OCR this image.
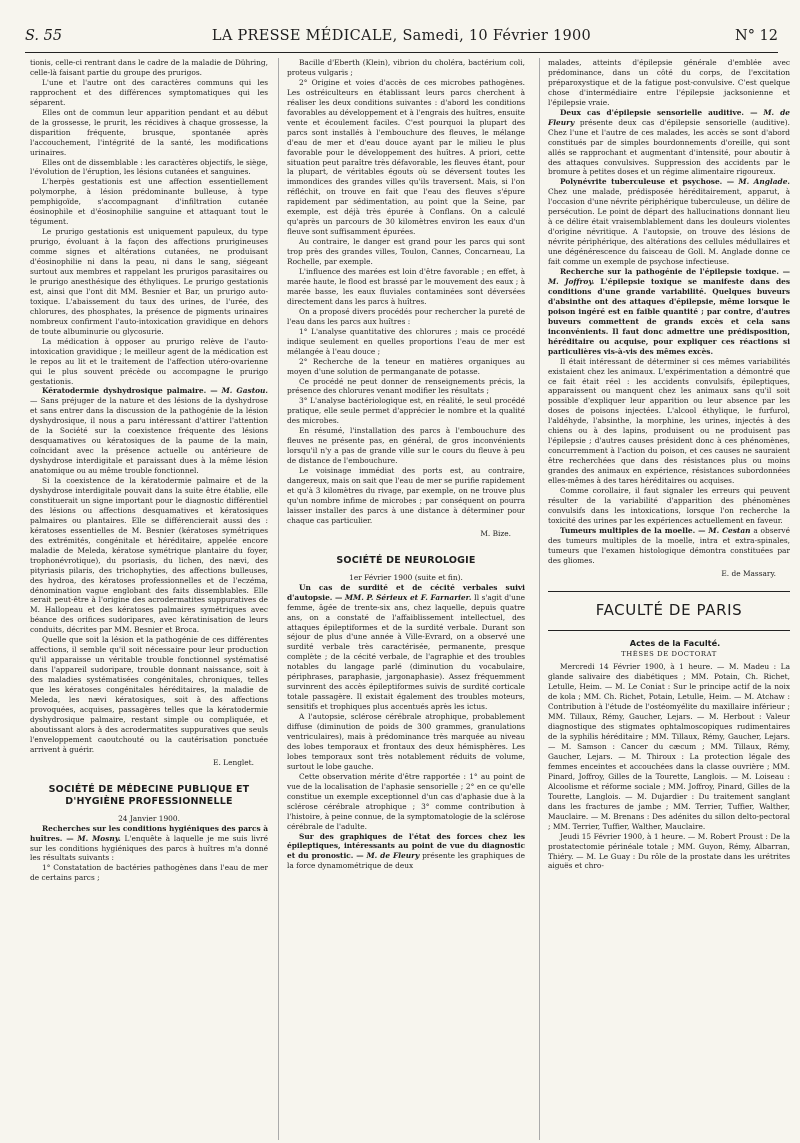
S. 55	LA PRESSE MÉDICALE, Samedi, 10 Février 1900	N° 12

tionis, celle-ci rentrant dans le cadre de la maladie de Dühring, celle-là faisant partie du groupe des prurigos.

L'une et l'autre ont des caractères communs qui les rapprochent et des différences symptomatiques qui les séparent.

Elles ont de commun leur apparition pendant et au début de la grossesse, le prurit, les récidives à chaque grossesse, la disparition fréquente, brusque, spontanée après l'accouchement, l'intégrité de la santé, les modifications urinaires.

Elles ont de dissemblable : les caractères objectifs, le siège, l'évolution de l'éruption, les lésions cutanées et sanguines.

L'herpès gestationis est une affection essentiellement polymorphe, à lésion prédominante bulleuse, à type pemphigoïde, s'accompagnant d'infiltration cutanée éosinophile et d'éosinophilie sanguine et attaquant tout le tégument.

Le prurigo gestationis est uniquement papuleux, du type prurigo, évoluant à la façon des affections prurigineuses comme signes et altérations cutanées, ne produisant d'éosinophilie ni dans la peau, ni dans le sang, siégeant surtout aux membres et rappelant les prurigos parasitaires ou le prurigo anesthésique des éthyliques. Le prurigo gestationis est, ainsi que l'ont dit MM. Besnier et Bar, un prurigo auto-toxique. L'abaissement du taux des urines, de l'urée, des chlorures, des phosphates, la présence de pigments urinaires nombreux confirment l'auto-intoxication gravidique en dehors de toute albuminurie ou glycosurie.

La médication à opposer au prurigo relève de l'auto-intoxication gravidique ; le meilleur agent de la médication est le repos au lit et le traitement de l'affection utéro-ovarienne qui le plus souvent précède ou accompagne le prurigo gestationis.

Kératodermie dyshydrosique palmaire. — M. Gastou. — Sans préjuger de la nature et des lésions de la dyshydrose et sans entrer dans la discussion de la pathogénie de la lésion dyshydrosique, il nous a paru intéressant d'attirer l'attention de la Société sur la coexistence fréquente des lésions desquamatives ou kératosiques de la paume de la main, coïncidant avec la présence actuelle ou antérieure de dyshydrose interdigitale et paraissant dues à la même lésion anatomique ou au même trouble fonctionnel.

Si la coexistence de la kératodermie palmaire et de la dyshydrose interdigitale pouvait dans la suite être établie, elle constituerait un signe important pour le diagnostic différentiel des lésions ou affections desquamatives et kératosiques palmaires ou plantaires. Elle se différencierait aussi des : kératoses essentielles de M. Besnier (kératoses symétriques des extrémités, congénitale et héréditaire, appelée encore maladie de Meleda, kératose symétrique plantaire du foyer, trophonévrotique), du psoriasis, du lichen, des nævi, des pityriasis pilaris, des trichophyties, des affections bulleuses, des hydroa, des kératoses professionnelles et de l'eczéma, dénomination vague englobant des faits dissemblables. Elle serait peut-être à l'origine des acrodermatites suppuratives de M. Hallopeau et des kératoses palmaires symétriques avec béance des orifices sudoripares, avec kératinisation de leurs conduits, décrites par MM. Besnier et Broca.

Quelle que soit la lésion et la pathogénie de ces différentes affections, il semble qu'il soit nécessaire pour leur production qu'il apparaisse un véritable trouble fonctionnel systématisé dans l'appareil sudoripare, trouble donnant naissance, soit à des maladies systématisées congénitales, chroniques, telles que les kératoses congénitales héréditaires, la maladie de Meleda, les nævi kératosiques, soit à des affections provoquées, acquises, passagères telles que la kératodermie dyshydrosique palmaire, restant simple ou compliquée, et aboutissant alors à des acrodermatites suppuratives que seuls l'enveloppement caoutchouté ou la cautérisation ponctuée arrivent à guérir.

E. Lenglet.

SOCIÉTÉ DE MÉDECINE PUBLIQUE ET D'HYGIÈNE PROFESSIONNELLE

24 Janvier 1900.

Recherches sur les conditions hygiéniques des parcs à huîtres. — M. Mosny. L'enquête à laquelle je me suis livré sur les conditions hygiéniques des parcs à huîtres m'a donné les résultats suivants :

1° Constatation de bactéries pathogènes dans l'eau de mer de certains parcs ;

Bacille d'Eberth (Klein), vibrion du choléra, bactérium coli, proteus vulgaris ;

2° Origine et voies d'accès de ces microbes pathogènes. Les ostréiculteurs en établissant leurs parcs cherchent à réaliser les deux conditions suivantes : d'abord les conditions favorables au développement et à l'engrais des huîtres, ensuite vente et écoulement faciles. C'est pourquoi la plupart des parcs sont installés à l'embouchure des fleuves, le mélange d'eau de mer et d'eau douce ayant par le milieu le plus favorable pour le développement des huîtres. A priori, cette situation peut paraître très défavorable, les fleuves étant, pour la plupart, de véritables égouts où se déversent toutes les immondices des grandes villes qu'ils traversent. Mais, si l'on réfléchit, on trouve en fait que l'eau des fleuves s'épure rapidement par sédimentation, au point que la Seine, par exemple, est déjà très épurée à Conflans. On a calculé qu'après un parcours de 30 kilomètres environ les eaux d'un fleuve sont suffisamment épurées.

Au contraire, le danger est grand pour les parcs qui sont trop près des grandes villes, Toulon, Cannes, Concarneau, La Rochelle, par exemple.

L'influence des marées est loin d'être favorable ; en effet, à marée haute, le flood est brassé par le mouvement des eaux ; à marée basse, les eaux fluviales contaminées sont déversées directement dans les parcs à huîtres.

On a proposé divers procédés pour rechercher la pureté de l'eau dans les parcs aux huîtres :

1° L'analyse quantitative des chlorures ; mais ce procédé indique seulement en quelles proportions l'eau de mer est mélangée à l'eau douce ;

2° Recherche de la teneur en matières organiques au moyen d'une solution de permanganate de potasse.

Ce procédé ne peut donner de renseignements précis, la présence des chlorures venant modifier les résultats ;

3° L'analyse bactériologique est, en réalité, le seul procédé pratique, elle seule permet d'apprécier le nombre et la qualité des microbes.

En résumé, l'installation des parcs à l'embouchure des fleuves ne présente pas, en général, de gros inconvénients lorsqu'il n'y a pas de grande ville sur le cours du fleuve à peu de distance de l'embouchure.

Le voisinage immédiat des ports est, au contraire, dangereux, mais on sait que l'eau de mer se purifie rapidement et qu'à 3 kilomètres du rivage, par exemple, on ne trouve plus qu'un nombre infime de microbes ; par conséquent on pourra laisser installer des parcs à une distance à déterminer pour chaque cas particulier.

M. Bize.

SOCIÉTÉ DE NEUROLOGIE

1er Février 1900 (suite et fin).

Un cas de surdité et de cécité verbales suivi d'autopsie. — MM. P. Sérieux et F. Farnarier. Il s'agit d'une femme, âgée de trente-six ans, chez laquelle, depuis quatre ans, on a constaté de l'affaiblissement intellectuel, des attaques épileptiformes et de la surdité verbale. Durant son séjour de plus d'une année à Ville-Evrard, on a observé une surdité verbale très caractérisée, permanente, presque complète ; de la cécité verbale, de l'agraphie et des troubles notables du langage parlé (diminution du vocabulaire, périphrases, paraphasie, jargonaphasie). Assez fréquemment survinrent des accès épileptiformes suivis de surdité corticale totale passagère. Il existait également des troubles moteurs, sensitifs et trophiques plus accentués après les ictus.

A l'autopsie, sclérose cérébrale atrophique, probablement diffuse (diminution de poids de 300 grammes, granulations ventriculaires), mais à prédominance très marquée au niveau des lobes temporaux et frontaux des deux hémisphères. Les lobes temporaux sont très notablement réduits de volume, surtout le lobe gauche.

Cette observation mérite d'être rapportée : 1° au point de vue de la localisation de l'aphasie sensorielle ; 2° en ce qu'elle constitue un exemple exceptionnel d'un cas d'aphasie due à la sclérose cérébrale atrophique ; 3° comme contribution à l'histoire, à peine connue, de la symptomatologie de la sclérose cérébrale de l'adulte.

Sur des graphiques de l'état des forces chez les épileptiques, intéressants au point de vue du diagnostic et du pronostic. — M. de Fleury présente les graphiques de la force dynamométrique de deux

malades, atteints d'épilepsie générale d'emblée avec prédominance, dans un côté du corps, de l'excitation préparoxystique et de la fatigue post-convulsive. C'est quelque chose d'intermédiaire entre l'épilepsie jacksonienne et l'épilepsie vraie.

Deux cas d'épilepsie sensorielle auditive. — M. de Fleury présente deux cas d'épilepsie sensorielle (auditive). Chez l'une et l'autre de ces malades, les accès se sont d'abord constitués par de simples bourdonnements d'oreille, qui sont allés se rapprochant et augmentant d'intensité, pour aboutir à des attaques convulsives. Suppression des accidents par le bromure à petites doses et un régime alimentaire rigoureux.

Polynévrite tuberculeuse et psychose. — M. Anglade. Chez une malade, prédisposée héréditairement, apparut, à l'occasion d'une névrite périphérique tuberculeuse, un délire de persécution. Le point de départ des hallucinations donnant lieu à ce délire était vraisemblablement dans les douleurs violentes d'origine névritique. A l'autopsie, on trouve des lésions de névrite périphérique, des altérations des cellules médullaires et une dégénérescence du faisceau de Goll. M. Anglade donne ce fait comme un exemple de psychose infectieuse.

Recherche sur la pathogénie de l'épilepsie toxique. — M. Joffroy. L'épilepsie toxique se manifeste dans des conditions d'une grande variabilité. Quelques buveurs d'absinthe ont des attaques d'épilepsie, même lorsque le poison ingéré est en faible quantité ; par contre, d'autres buveurs commettent de grands excès et cela sans inconvénients. Il faut donc admettre une prédisposition, héréditaire ou acquise, pour expliquer ces réactions si particulières vis-à-vis des mêmes excès.

Il était intéressant de déterminer si ces mêmes variabilités existaient chez les animaux. L'expérimentation a démontré que ce fait était réel : les accidents convulsifs, épileptiques, apparaissent ou manquent chez les animaux sans qu'il soit possible d'expliquer leur apparition ou leur absence par les doses de poisons injectées. L'alcool éthylique, le furfurol, l'aldéhyde, l'absinthe, la morphine, les urines, injectés à des chiens ou à des lapins, produisent ou ne produisent pas l'épilepsie ; d'autres causes président donc à ces phénomènes, concurremment à l'action du poison, et ces causes ne sauraient être recherchées que dans des résistances plus ou moins grandes des animaux en expérience, résistances subordonnées elles-mêmes à des tares héréditaires ou acquises.

Comme corollaire, il faut signaler les erreurs qui peuvent résulter de la variabilité d'apparition des phénomènes convulsifs dans les intoxications, lorsque l'on recherche la toxicité des urines par les expériences actuellement en faveur.

Tumeurs multiples de la moelle. — M. Cestan a observé des tumeurs multiples de la moelle, intra et extra-spinales, tumeurs que l'examen histologique démontra constituées par des gliomes.

E. de Massary.

FACULTÉ DE PARIS

Actes de la Faculté.

THÈSES DE DOCTORAT

Mercredi 14 Février 1900, à 1 heure. — M. Madeu : La glande salivaire des diabétiques ; MM. Potain, Ch. Richet, Letulle, Heim. — M. Le Coniat : Sur le principe actif de la noix de kola ; MM. Ch. Richet, Potain, Letulle, Heim. — M. Atchaw : Contribution à l'étude de l'ostéomyélite du maxillaire inférieur ; MM. Tillaux, Rémy, Gaucher, Lejars. — M. Herbout : Valeur diagnostique des stigmates ophtalmoscopiques rudimentaires de la syphilis héréditaire ; MM. Tillaux, Rémy, Gaucher, Lejars. — M. Samson : Cancer du cæcum ; MM. Tillaux, Rémy, Gaucher, Lejars. — M. Thiroux : La protection légale des femmes enceintes et accouchées dans la classe ouvrière ; MM. Pinard, Joffroy, Gilles de la Tourette, Langlois. — M. Loiseau : Alcoolisme et réforme sociale ; MM. Joffroy, Pinard, Gilles de la Tourette, Langlois. — M. Dujardier : Du traitement sanglant dans les fractures de jambe ; MM. Terrier, Tuffier, Walther, Mauclaire. — M. Brenans : Des adénites du sillon delto-pectoral ; MM. Terrier, Tuffier, Walther, Mauclaire.

Jeudi 15 Février 1900, à 1 heure. — M. Robert Proust : De la prostatectomie périnéale totale ; MM. Guyon, Rémy, Albarran, Thiéry. — M. Le Guay : Du rôle de la prostate dans les urétrites aiguës et chro-
